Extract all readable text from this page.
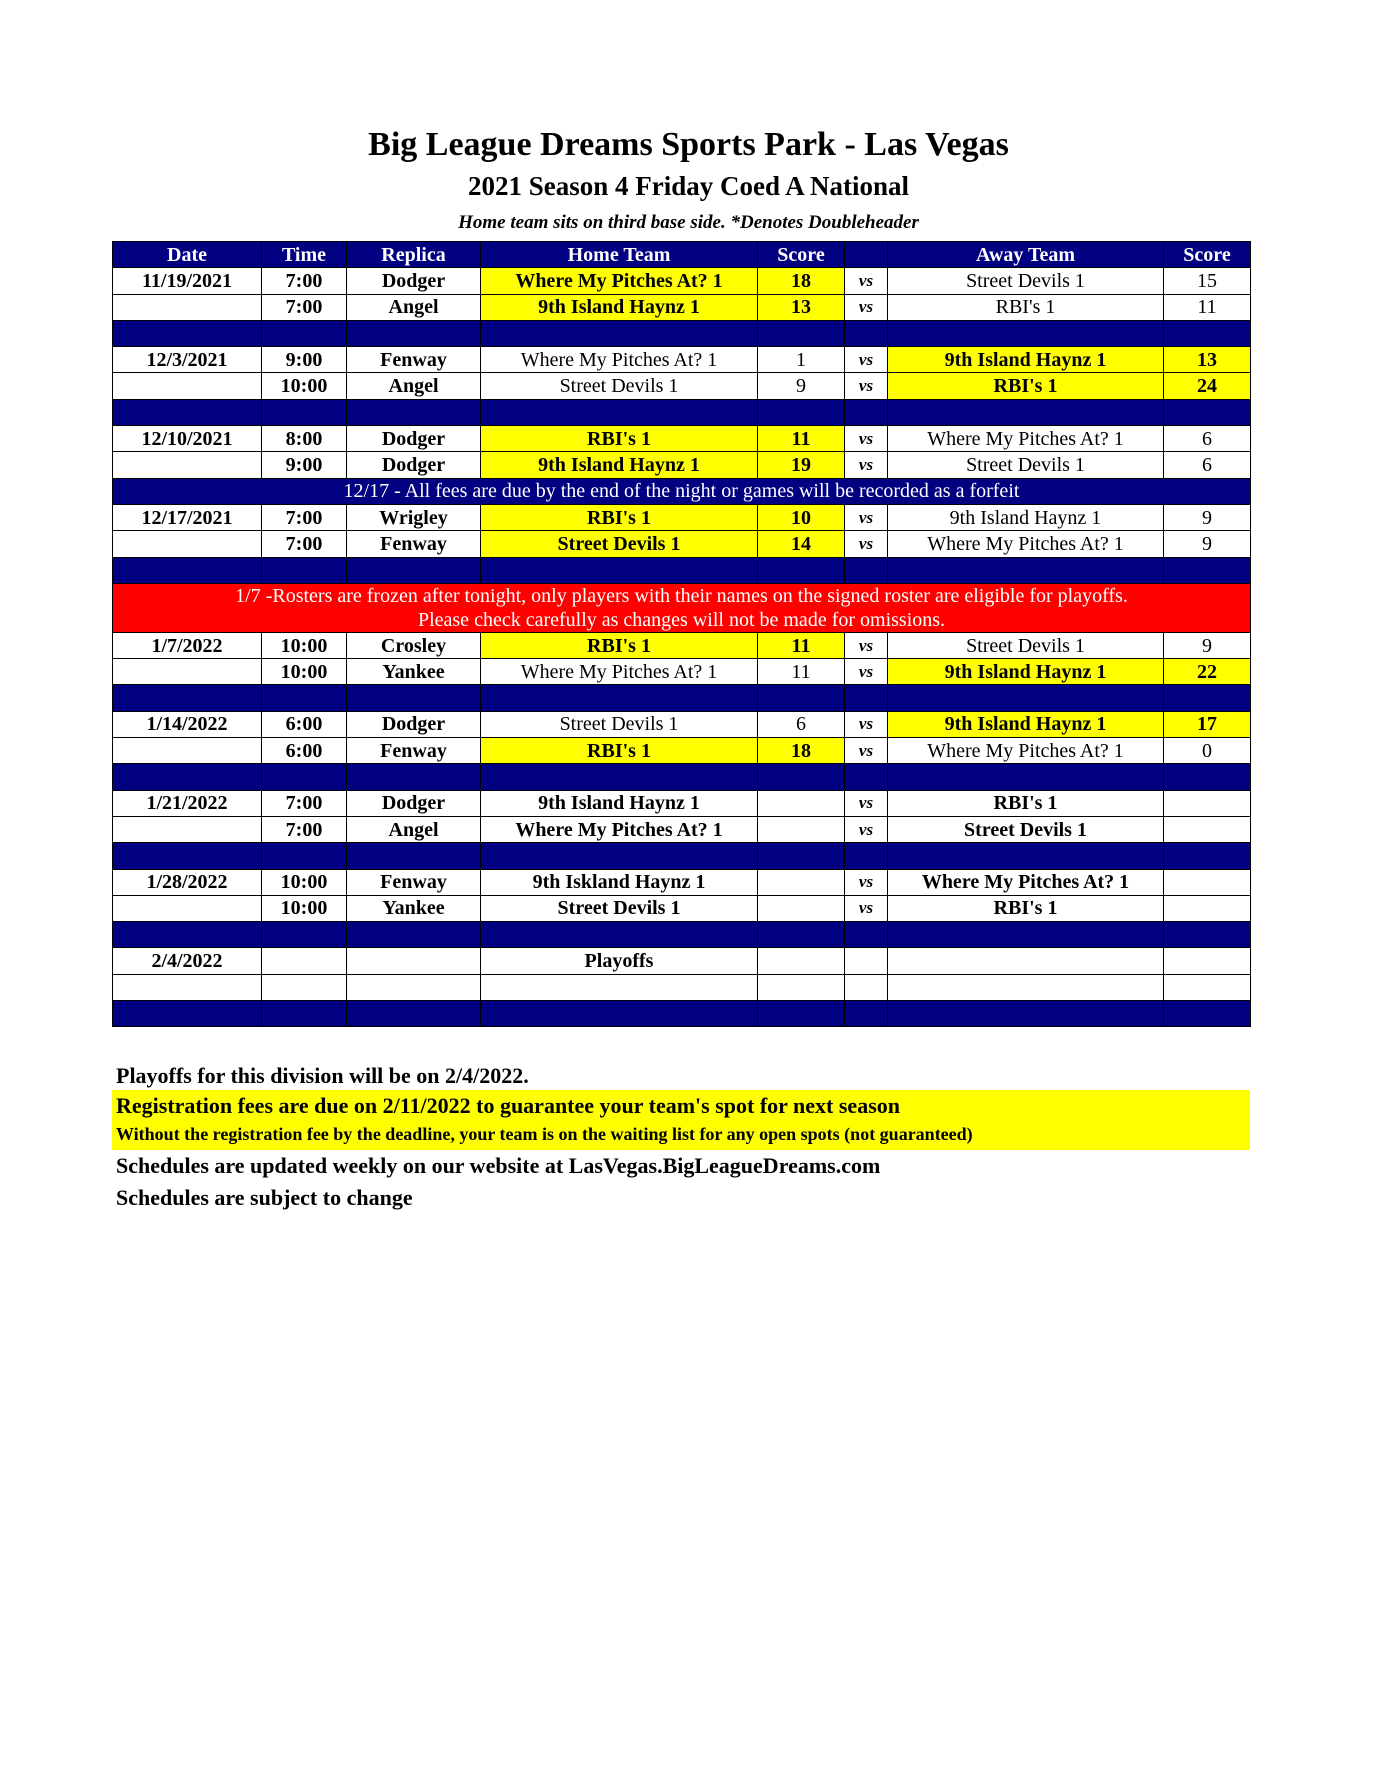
Big League Dreams Sports Park - Las Vegas
2021 Season 4 Friday Coed A National
Home team sits on third base side. *Denotes Doubleheader
Date	Time	Replica	Home Team	Score		Away Team	Score
11/19/2021	7:00	Dodger	Where My Pitches At? 1	18	vs	Street Devils 1	15
	7:00	Angel	9th Island Haynz 1	13	vs	RBI's 1	11

12/3/2021	9:00	Fenway	Where My Pitches At? 1	1	vs	9th Island Haynz 1	13
	10:00	Angel	Street Devils 1	9	vs	RBI's 1	24

12/10/2021	8:00	Dodger	RBI's 1	11	vs	Where My Pitches At? 1	6
	9:00	Dodger	9th Island Haynz 1	19	vs	Street Devils 1	6
12/17 - All fees are due by the end of the night or games will be recorded as a forfeit							
12/17/2021	7:00	Wrigley	RBI's 1	10	vs	9th Island Haynz 1	9
	7:00	Fenway	Street Devils 1	14	vs	Where My Pitches At? 1	9

1/7 -Rosters are frozen after tonight, only players with their names on the signed roster are eligible for playoffs.
Please check carefully as changes will not be made for omissions.							

1/7/2022	10:00	Crosley	RBI's 1	11	vs	Street Devils 1	9
	10:00	Yankee	Where My Pitches At? 1	11	vs	9th Island Haynz 1	22

1/14/2022	6:00	Dodger	Street Devils 1	6	vs	9th Island Haynz 1	17
	6:00	Fenway	RBI's 1	18	vs	Where My Pitches At? 1	0

1/21/2022	7:00	Dodger	9th Island Haynz 1		vs	RBI's 1	
	7:00	Angel	Where My Pitches At? 1		vs	Street Devils 1	

1/28/2022	10:00	Fenway	9th Iskland Haynz 1		vs	Where My Pitches At? 1	
	10:00	Yankee	Street Devils 1		vs	RBI's 1	

2/4/2022			Playoffs				

Playoffs for this division will be on 2/4/2022.
Registration fees are due on 2/11/2022 to guarantee your team's spot for next season
Without the registration fee by the deadline, your team is on the waiting list for any open spots (not guaranteed)
Schedules are updated weekly on our website at LasVegas.BigLeagueDreams.com
Schedules are subject to change
